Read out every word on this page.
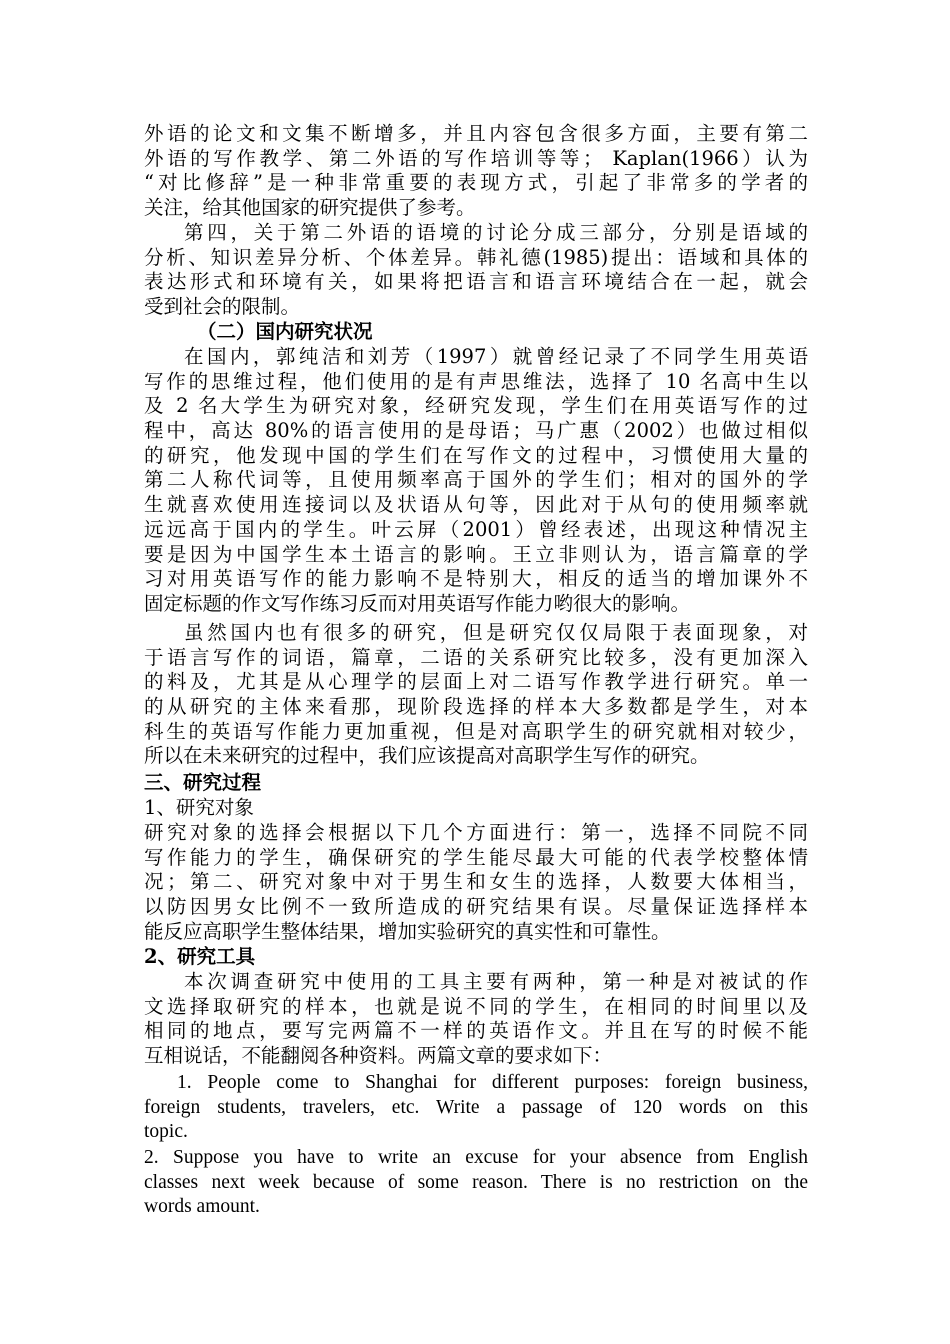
外语的论文和文集不断增多，并且内容包含很多方面，主要有第二
外语的写作教学、第二外语的写作培训等等； Kaplan(1966）认为
“对比修辞”是一种非常重要的表现方式，引起了非常多的学者的
关注，给其他国家的研究提供了参考。
第四，关于第二外语的语境的讨论分成三部分，分别是语域的
分析、知识差异分析、个体差异。韩礼德(1985)提出：语域和具体的
表达形式和环境有关，如果将把语言和语言环境结合在一起，就会
受到社会的限制。
（二）国内研究状况
在国内，郭纯洁和刘芳（1997）就曾经记录了不同学生用英语
写作的思维过程，他们使用的是有声思维法，选择了 10 名高中生以
及 2 名大学生为研究对象，经研究发现，学生们在用英语写作的过
程中，高达 80%的语言使用的是母语；马广惠（2002）也做过相似
的研究，他发现中国的学生们在写作文的过程中，习惯使用大量的
第二人称代词等，且使用频率高于国外的学生们；相对的国外的学
生就喜欢使用连接词以及状语从句等，因此对于从句的使用频率就
远远高于国内的学生。叶云屏（2001）曾经表述，出现这种情况主
要是因为中国学生本土语言的影响。王立非则认为，语言篇章的学
习对用英语写作的能力影响不是特别大，相反的适当的增加课外不
固定标题的作文写作练习反而对用英语写作能力哟很大的影响。
虽然国内也有很多的研究，但是研究仅仅局限于表面现象，对
于语言写作的词语，篇章，二语的关系研究比较多，没有更加深入
的料及，尤其是从心理学的层面上对二语写作教学进行研究。单一
的从研究的主体来看那，现阶段选择的样本大多数都是学生，对本
科生的英语写作能力更加重视，但是对高职学生的研究就相对较少，
所以在未来研究的过程中，我们应该提高对高职学生写作的研究。
三、研究过程
1、研究对象
研究对象的选择会根据以下几个方面进行：第一，选择不同院不同
写作能力的学生，确保研究的学生能尽最大可能的代表学校整体情
况；第二、研究对象中对于男生和女生的选择，人数要大体相当，
以防因男女比例不一致所造成的研究结果有误。尽量保证选择样本
能反应高职学生整体结果，增加实验研究的真实性和可靠性。
2、研究工具
本次调查研究中使用的工具主要有两种，第一种是对被试的作
文选择取研究的样本，也就是说不同的学生，在相同的时间里以及
相同的地点，要写完两篇不一样的英语作文。并且在写的时候不能
互相说话，不能翻阅各种资料。两篇文章的要求如下：
1. People come to Shanghai for different purposes: foreign business,
foreign students, travelers, etc. Write a passage of 120 words on this
topic.
2. Suppose you have to write an excuse for your absence from English
classes next week because of some reason. There is no restriction on the
words amount.
